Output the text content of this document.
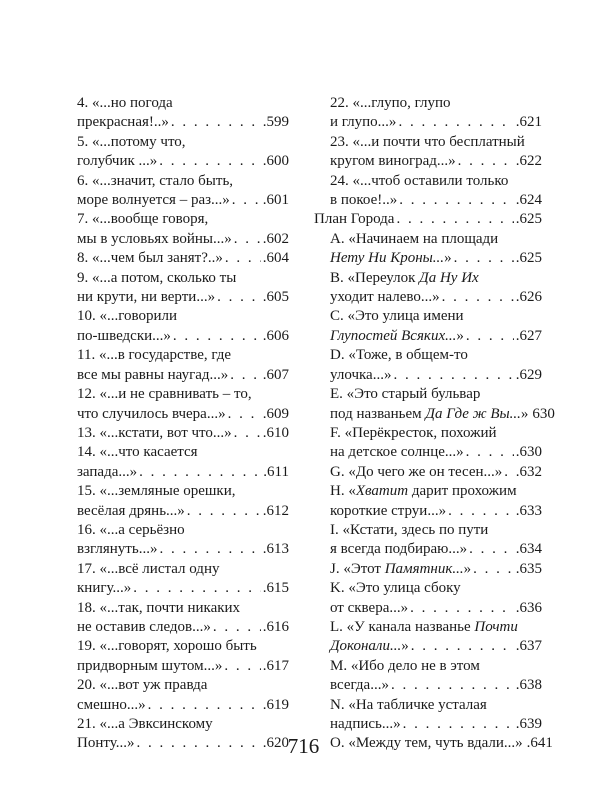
4. «...но погода
прекрасная!..» . . .	.599
5. «...потому что,
голубчик ...» . . .	.600
6. «...значит, стало быть,
море волнуется – раз...» . . . .601
7. «...вообще говоря,
мы в условьях войны...» . . . .602
8. «...чем был занят?..» . . .	.604
9. «...а потом, сколько ты
ни крути, ни верти...» . . .	.605
10. «...говорили
по-шведски...» . . .	.606
11. «...в государстве, где
все мы равны наугад...» . . . .607
12. «...и не сравнивать – то,
что случилось вчера...» . . . .609
13. «...кстати, вот что...» . . . .610
14. «...что касается
запада...» . . .	.611
15. «...земляные орешки,
весёлая дрянь...» . . .	.612
16. «...а серьёзно
взглянуть...» . . .	.613
17. «...всё листал одну
книгу...» . . .	.615
18. «...так, почти никаких
не оставив следов...» . . .	.616
19. «...говорят, хорошо быть
придворным шутом...» . . .	.617
20. «...вот уж правда
смешно...» . . .	.619
21. «...а Эвксинскому
Понту...» . . .	.620
22. «...глупо, глупо
и глупо...» . . .	.621
23. «...и почти что бесплатный
кругом виноград...» . . .	.622
24. «...чтоб оставили только
в покое!..» . . .	.624
План Города . . .	.625
A. «Начинаем на площади
Нету Ни Кроны...» . . .	.625
B. «Переулок Да Ну Их
уходит налево...» . . .	.626
C. «Это улица имени
Глупостей Всяких...» . . .	.627
D. «Тоже, в общем-то
улочка...» . . .	.629
E. «Это старый бульвар
под названьем Да Где ж Вы...» 630
F. «Перёкресток, похожий
на детское солнце...» . . .	.630
G. «До чего же он тесен...» . . . .632
H. «Хватит дарит прохожим
короткие струи...» . . .	.633
I. «Кстати, здесь по пути
я всегда подбираю...» . . .	.634
J. «Этот Памятник...» . . .	.635
K. «Это улица сбоку
от сквера...» . . .	.636
L. «У канала названье Почти
Доконали...» . . .	.637
M. «Ибо дело не в этом
всегда...» . . .	.638
N. «На табличке усталая
надпись...» . . .	.639
O. «Между тем, чуть вдали...» .641
716
